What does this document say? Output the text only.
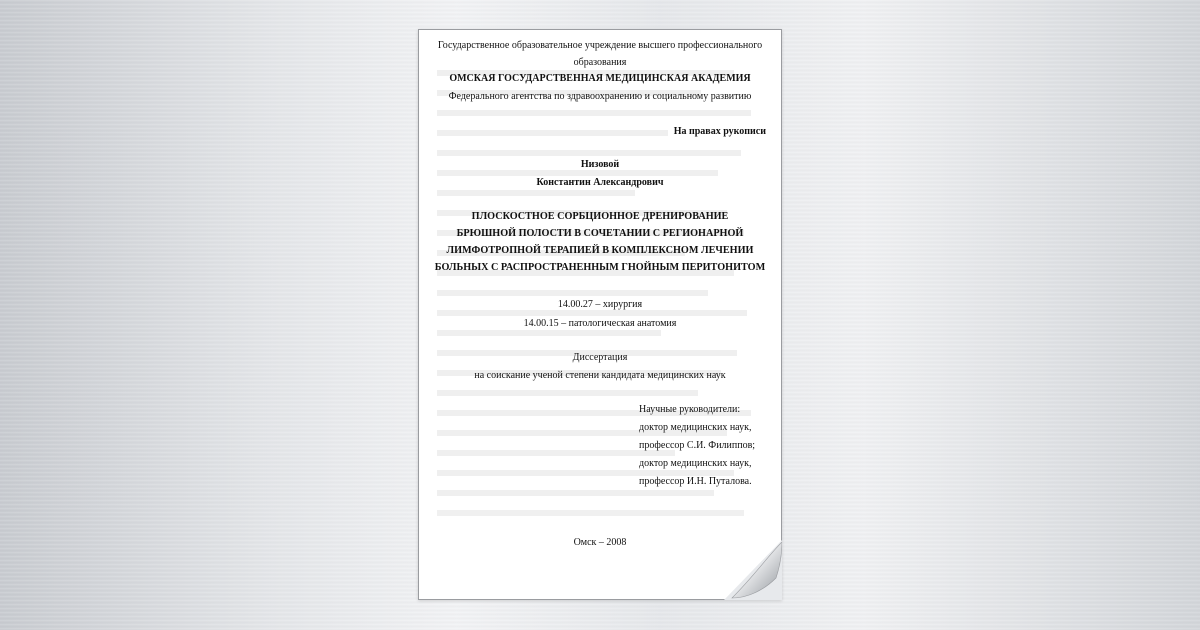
Государственное образовательное учреждение высшего профессионального
образования
ОМСКАЯ ГОСУДАРСТВЕННАЯ МЕДИЦИНСКАЯ АКАДЕМИЯ
Федерального агентства по здравоохранению и социальному развитию
На правах рукописи
Низовой
Константин Александрович
ПЛОСКОСТНОЕ СОРБЦИОННОЕ ДРЕНИРОВАНИЕ
БРЮШНОЙ ПОЛОСТИ В СОЧЕТАНИИ С РЕГИОНАРНОЙ
ЛИМФОТРОПНОЙ ТЕРАПИЕЙ В КОМПЛЕКСНОМ ЛЕЧЕНИИ
БОЛЬНЫХ С РАСПРОСТРАНЕННЫМ ГНОЙНЫМ ПЕРИТОНИТОМ
14.00.27 – хирургия
14.00.15 – патологическая анатомия
Диссертация
на соискание ученой степени кандидата медицинских наук
Научные руководители:
доктор медицинских наук,
профессор С.И. Филиппов;
доктор медицинских наук,
профессор И.Н. Путалова.
Омск – 2008
